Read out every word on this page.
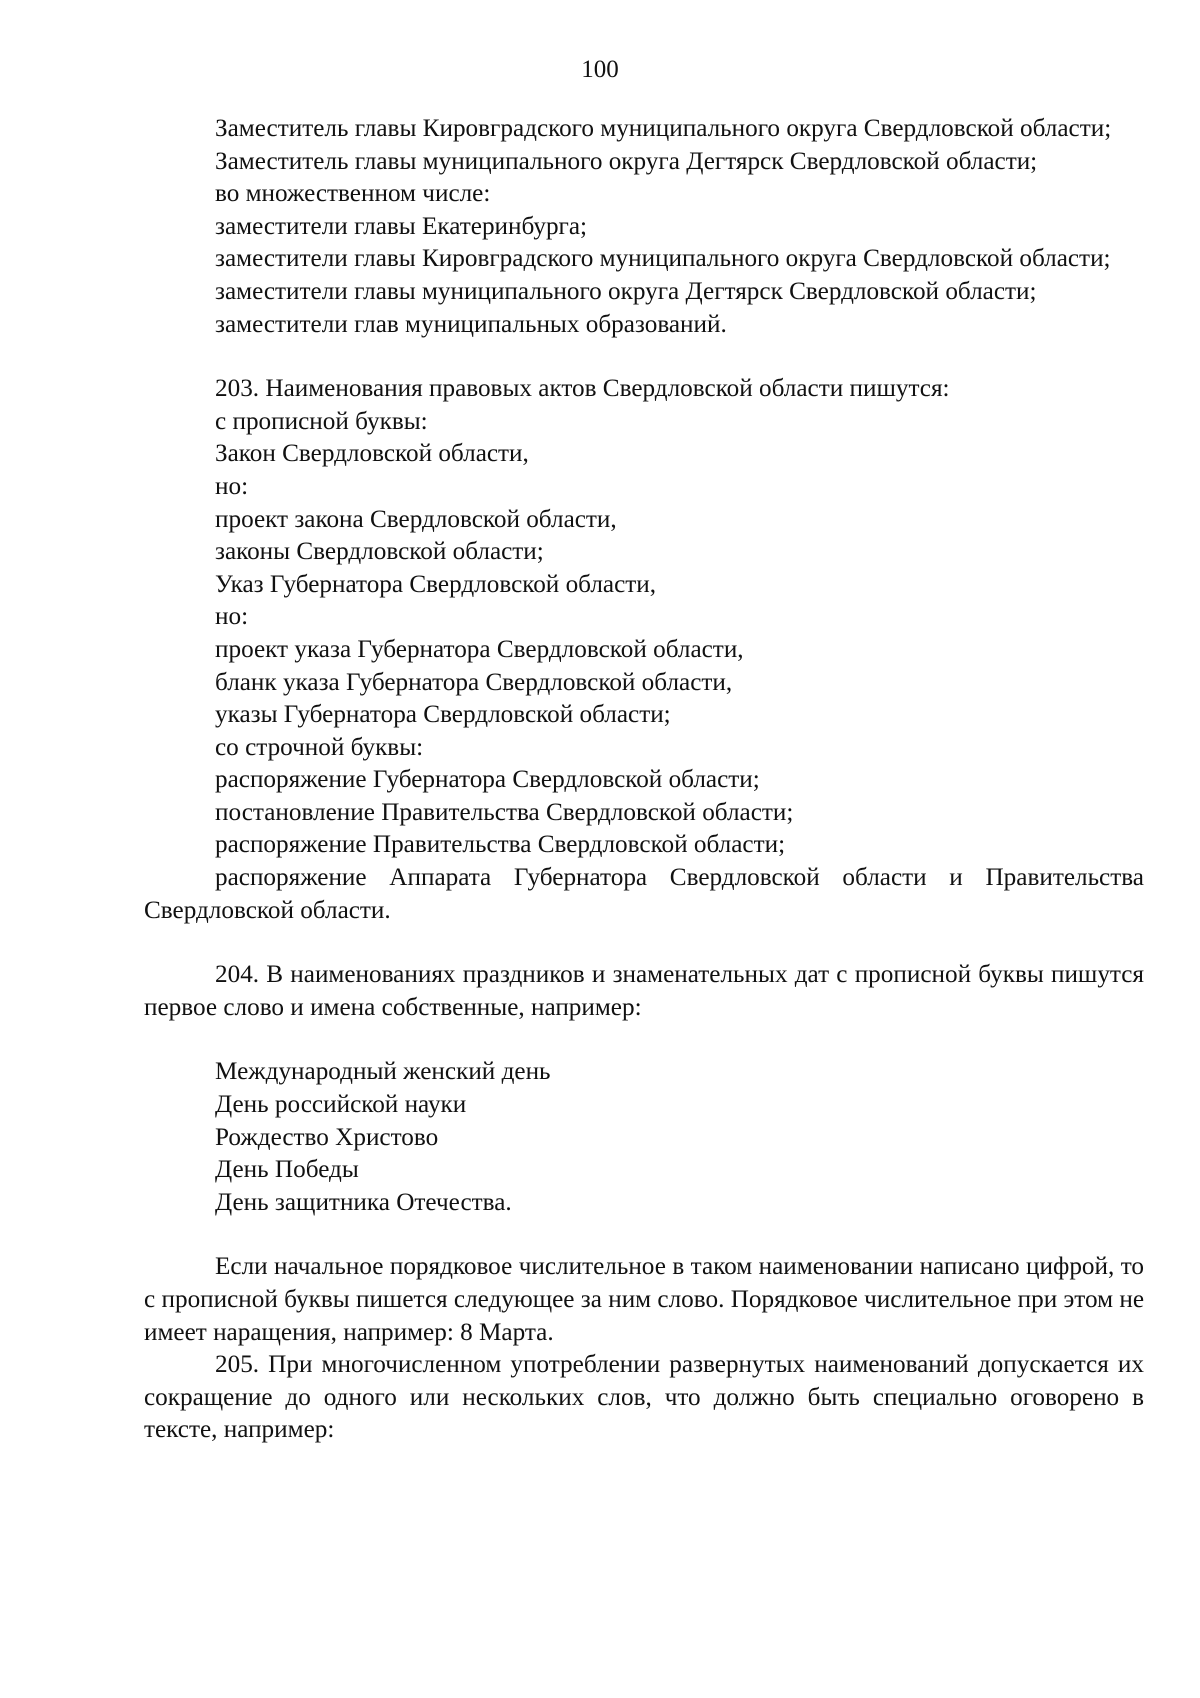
100

Заместитель главы Кировградского муниципального округа Свердловской области;

Заместитель главы муниципального округа Дегтярск Свердловской области;

во множественном числе:

заместители главы Екатеринбурга;

заместители главы Кировградского муниципального округа Свердловской области;

заместители главы муниципального округа Дегтярск Свердловской области;

заместители глав муниципальных образований.

203. Наименования правовых актов Свердловской области пишутся:

с прописной буквы:

Закон Свердловской области,

но:

проект закона Свердловской области,

законы Свердловской области;

Указ Губернатора Свердловской области,

но:

проект указа Губернатора Свердловской области,

бланк указа Губернатора Свердловской области,

указы Губернатора Свердловской области;

со строчной буквы:

распоряжение Губернатора Свердловской области;

постановление Правительства Свердловской области;

распоряжение Правительства Свердловской области;

распоряжение Аппарата Губернатора Свердловской области и Правительства Свердловской области.

204. В наименованиях праздников и знаменательных дат с прописной буквы пишутся первое слово и имена собственные, например:

Международный женский день

День российской науки

Рождество Христово

День Победы

День защитника Отечества.

Если начальное порядковое числительное в таком наименовании написано цифрой, то с прописной буквы пишется следующее за ним слово. Порядковое числительное при этом не имеет наращения, например: 8 Марта.

205. При многочисленном употреблении развернутых наименований допускается их сокращение до одного или нескольких слов, что должно быть специально оговорено в тексте, например:
